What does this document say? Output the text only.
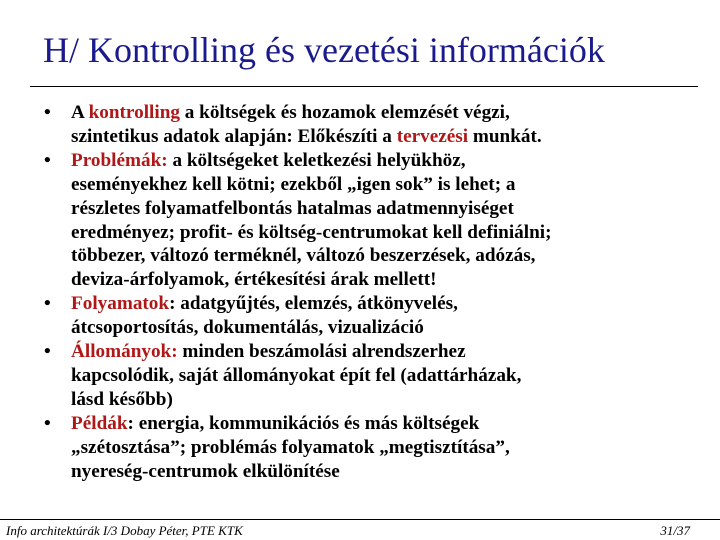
H/ Kontrolling és vezetési információk
•	A kontrolling a költségek és hozamok elemzését végzi,
szintetikus adatok alapján: Előkészíti a tervezési munkát.
•	Problémák: a költségeket keletkezési helyükhöz,
eseményekhez kell kötni; ezekből „igen sok” is lehet; a
részletes folyamatfelbontás hatalmas adatmennyiséget
eredményez; profit- és költség-centrumokat kell definiálni;
többezer, változó terméknél, változó beszerzések, adózás,
deviza-árfolyamok, értékesítési árak mellett!
•	Folyamatok: adatgyűjtés, elemzés, átkönyvelés,
átcsoportosítás, dokumentálás, vizualizáció
•	Állományok: minden beszámolási alrendszerhez
kapcsolódik, saját állományokat épít fel (adattárházak,
lásd később)
•	Példák: energia, kommunikációs és más költségek
„szétosztása”; problémás folyamatok „megtisztítása”,
nyereség-centrumok elkülönítése
Info architektúrák I/3 Dobay Péter, PTE KTK	31/37
